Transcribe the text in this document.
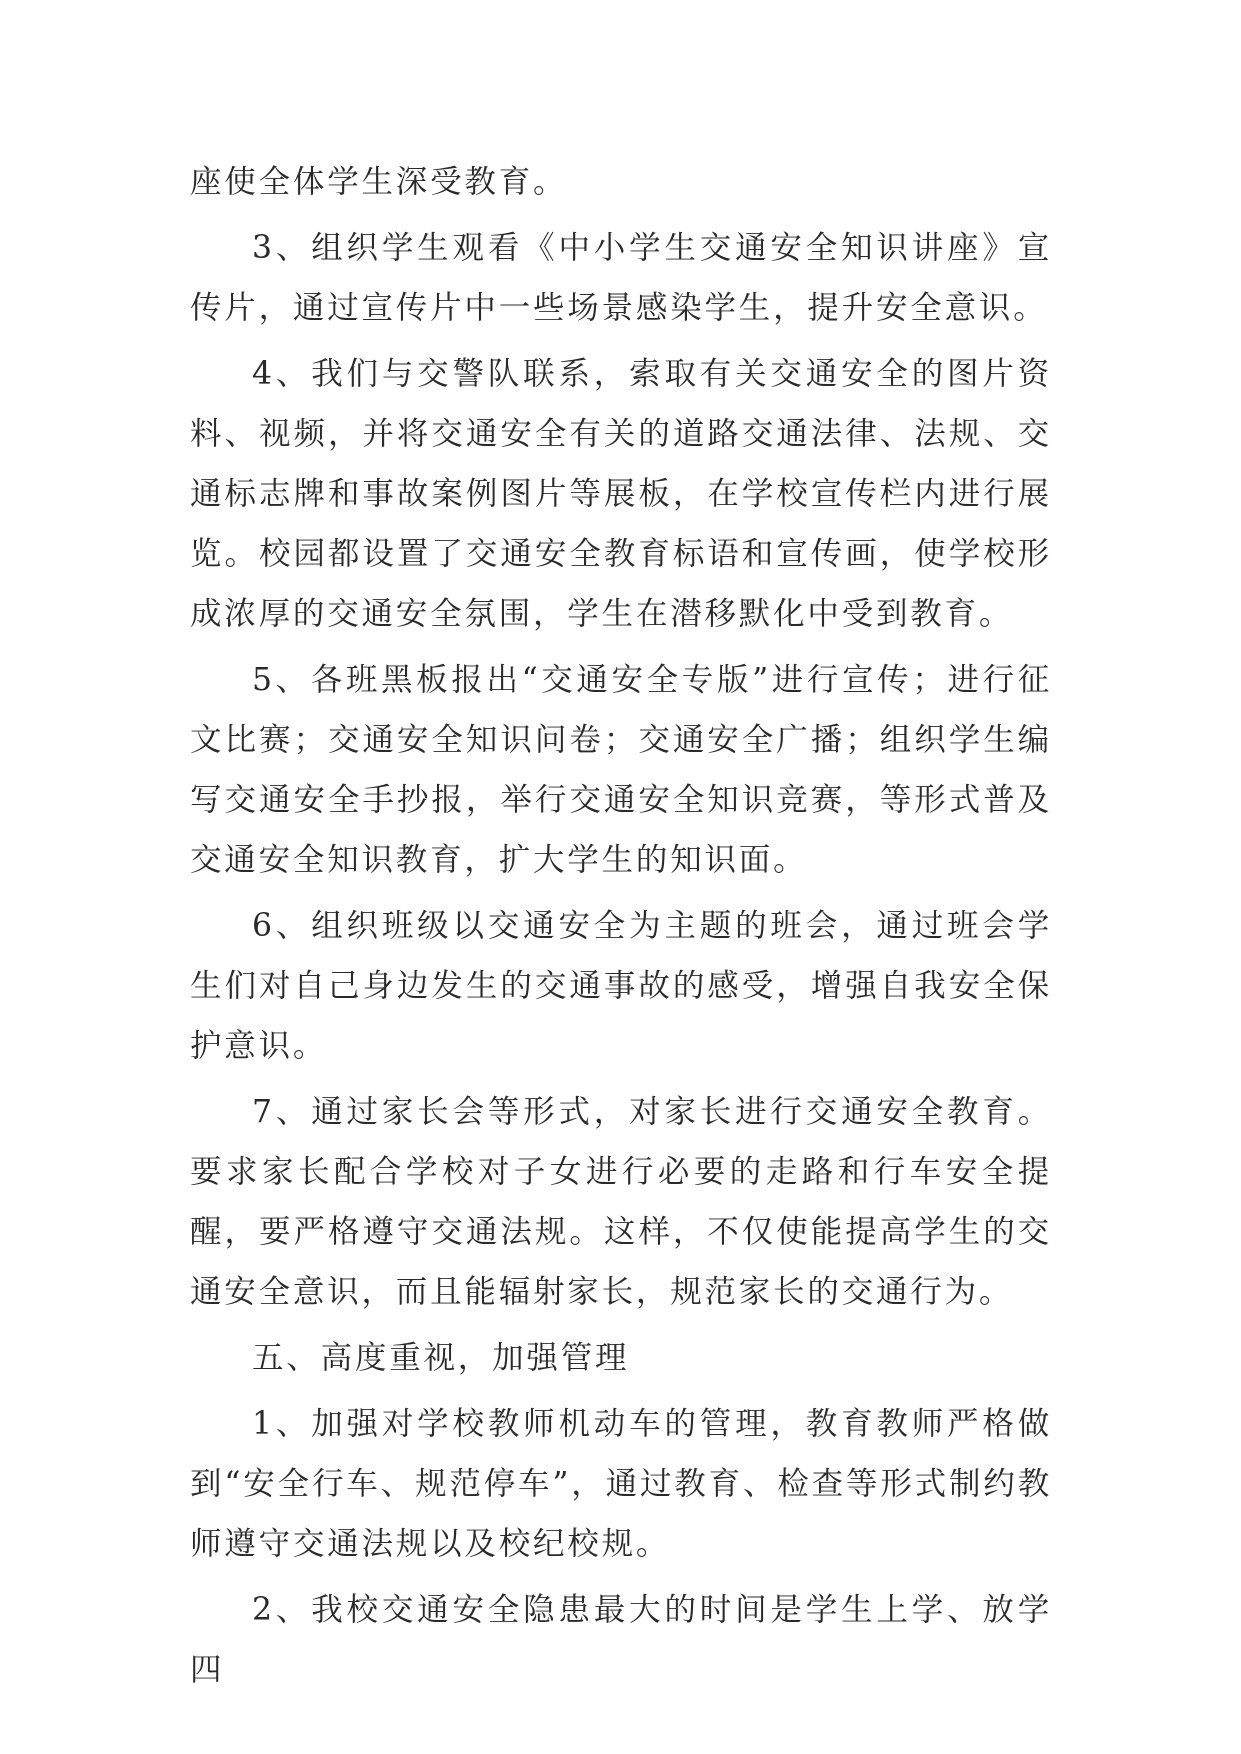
座使全体学生深受教育。

3、组织学生观看《中小学生交通安全知识讲座》宣传片，通过宣传片中一些场景感染学生，提升安全意识。

4、我们与交警队联系，索取有关交通安全的图片资料、视频，并将交通安全有关的道路交通法律、法规、交通标志牌和事故案例图片等展板，在学校宣传栏内进行展览。校园都设置了交通安全教育标语和宣传画，使学校形成浓厚的交通安全氛围，学生在潜移默化中受到教育。

5、各班黑板报出“交通安全专版”进行宣传；进行征文比赛；交通安全知识问卷；交通安全广播；组织学生编写交通安全手抄报，举行交通安全知识竞赛，等形式普及交通安全知识教育，扩大学生的知识面。

6、组织班级以交通安全为主题的班会，通过班会学生们对自己身边发生的交通事故的感受，增强自我安全保护意识。

7、通过家长会等形式，对家长进行交通安全教育。要求家长配合学校对子女进行必要的走路和行车安全提醒，要严格遵守交通法规。这样，不仅使能提高学生的交通安全意识，而且能辐射家长，规范家长的交通行为。

五、高度重视，加强管理

1、加强对学校教师机动车的管理，教育教师严格做到“安全行车、规范停车”，通过教育、检查等形式制约教师遵守交通法规以及校纪校规。

2、我校交通安全隐患最大的时间是学生上学、放学四
